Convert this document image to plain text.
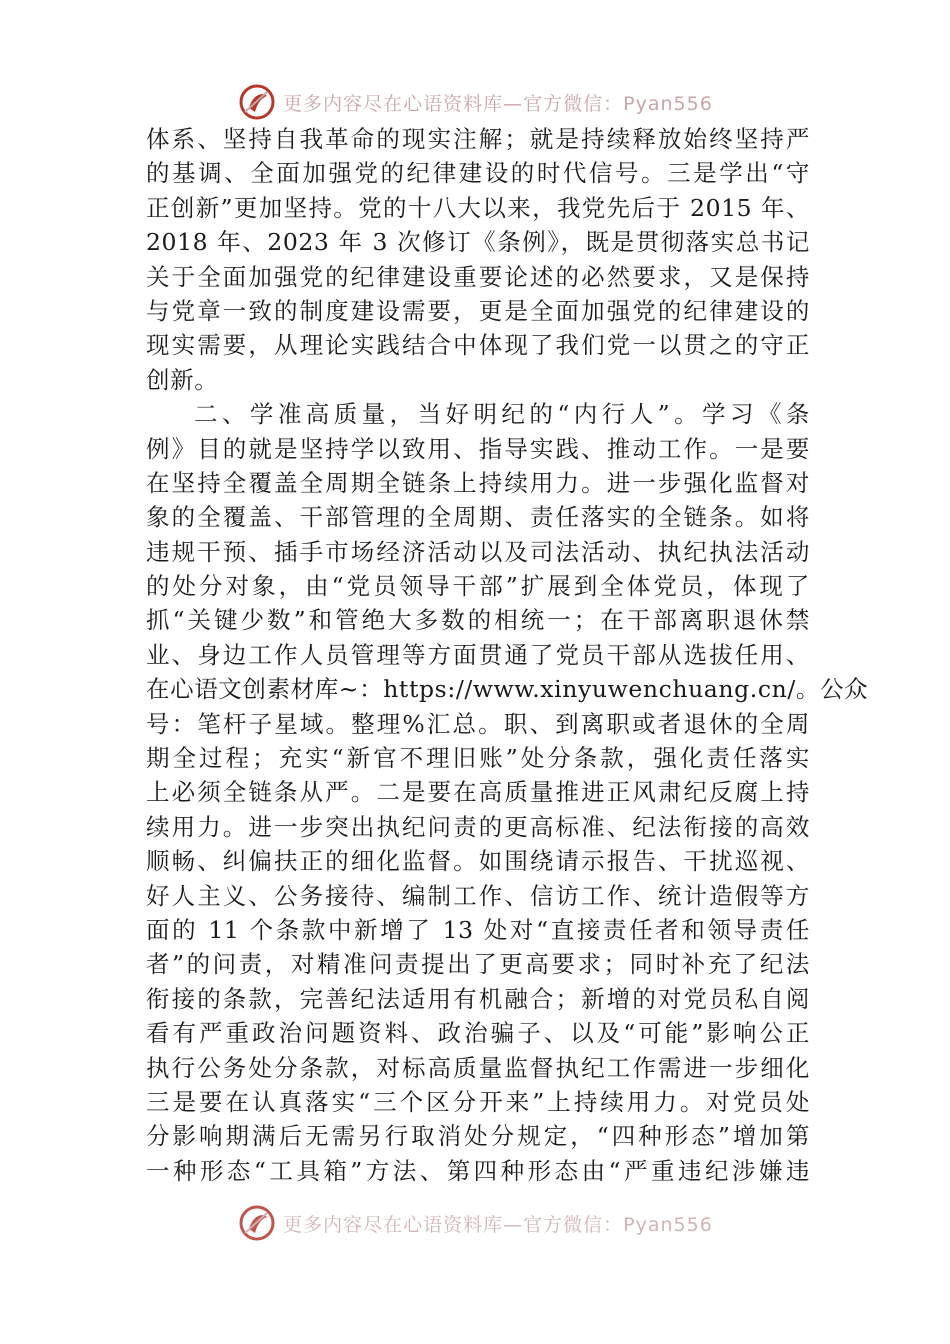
更多内容尽在心语资料库—官方微信：Pyan556
体系、坚持自我革命的现实注解；就是持续释放始终坚持严
的基调、全面加强党的纪律建设的时代信号。三是学出“守
正创新”更加坚持。党的十八大以来，我党先后于 2015 年、
2018 年、2023 年 3 次修订《条例》，既是贯彻落实总书记
关于全面加强党的纪律建设重要论述的必然要求，又是保持
与党章一致的制度建设需要，更是全面加强党的纪律建设的
现实需要，从理论实践结合中体现了我们党一以贯之的守正
创新。
二、学准高质量，当好明纪的“内行人”。学习《条
例》目的就是坚持学以致用、指导实践、推动工作。一是要
在坚持全覆盖全周期全链条上持续用力。进一步强化监督对
象的全覆盖、干部管理的全周期、责任落实的全链条。如将
违规干预、插手市场经济活动以及司法活动、执纪执法活动
的处分对象，由“党员领导干部”扩展到全体党员，体现了
抓“关键少数”和管绝大多数的相统一；在干部离职退休禁
业、身边工作人员管理等方面贯通了党员干部从选拔任用、
在心语文创素材库~：https://www.xinyuwenchuang.cn/。公众
号：笔杆子星域。整理%汇总。职、到离职或者退休的全周
期全过程；充实“新官不理旧账”处分条款，强化责任落实
上必须全链条从严。二是要在高质量推进正风肃纪反腐上持
续用力。进一步突出执纪问责的更高标准、纪法衔接的高效
顺畅、纠偏扶正的细化监督。如围绕请示报告、干扰巡视、
好人主义、公务接待、编制工作、信访工作、统计造假等方
面的 11 个条款中新增了 13 处对“直接责任者和领导责任
者”的问责，对精准问责提出了更高要求；同时补充了纪法
衔接的条款，完善纪法适用有机融合；新增的对党员私自阅
看有严重政治问题资料、政治骗子、以及“可能”影响公正
执行公务处分条款，对标高质量监督执纪工作需进一步细化
三是要在认真落实“三个区分开来”上持续用力。对党员处
分影响期满后无需另行取消处分规定，“四种形态”增加第
一种形态“工具箱”方法、第四种形态由“严重违纪涉嫌违
更多内容尽在心语资料库—官方微信：Pyan556
